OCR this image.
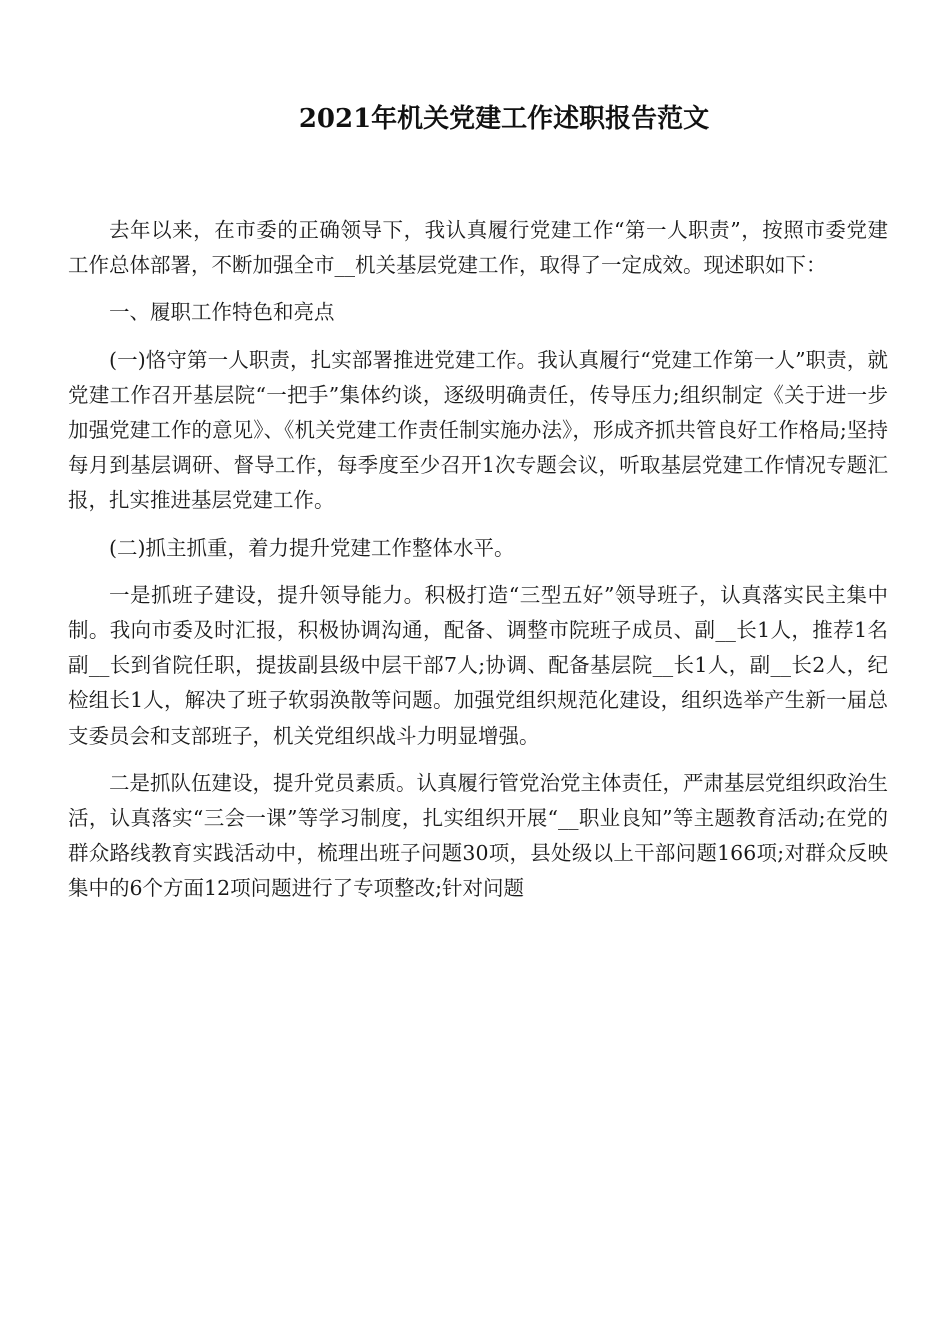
2021年机关党建工作述职报告范文

去年以来，在市委的正确领导下，我认真履行党建工作“第一人职责”，按照市委党建工作总体部署，不断加强全市__机关基层党建工作，取得了一定成效。现述职如下：

一、履职工作特色和亮点

(一)恪守第一人职责，扎实部署推进党建工作。我认真履行“党建工作第一人”职责，就党建工作召开基层院“一把手”集体约谈，逐级明确责任，传导压力;组织制定《关于进一步加强党建工作的意见》、《机关党建工作责任制实施办法》，形成齐抓共管良好工作格局;坚持每月到基层调研、督导工作，每季度至少召开1次专题会议，听取基层党建工作情况专题汇报，扎实推进基层党建工作。

(二)抓主抓重，着力提升党建工作整体水平。

一是抓班子建设，提升领导能力。积极打造“三型五好”领导班子，认真落实民主集中制。我向市委及时汇报，积极协调沟通，配备、调整市院班子成员、副__长1人，推荐1名副__长到省院任职，提拔副县级中层干部7人;协调、配备基层院__长1人，副__长2人，纪检组长1人，解决了班子软弱涣散等问题。加强党组织规范化建设，组织选举产生新一届总支委员会和支部班子，机关党组织战斗力明显增强。

二是抓队伍建设，提升党员素质。认真履行管党治党主体责任，严肃基层党组织政治生活，认真落实“三会一课”等学习制度，扎实组织开展“__职业良知”等主题教育活动;在党的群众路线教育实践活动中，梳理出班子问题30项，县处级以上干部问题166项;对群众反映集中的6个方面12项问题进行了专项整改;针对问题
